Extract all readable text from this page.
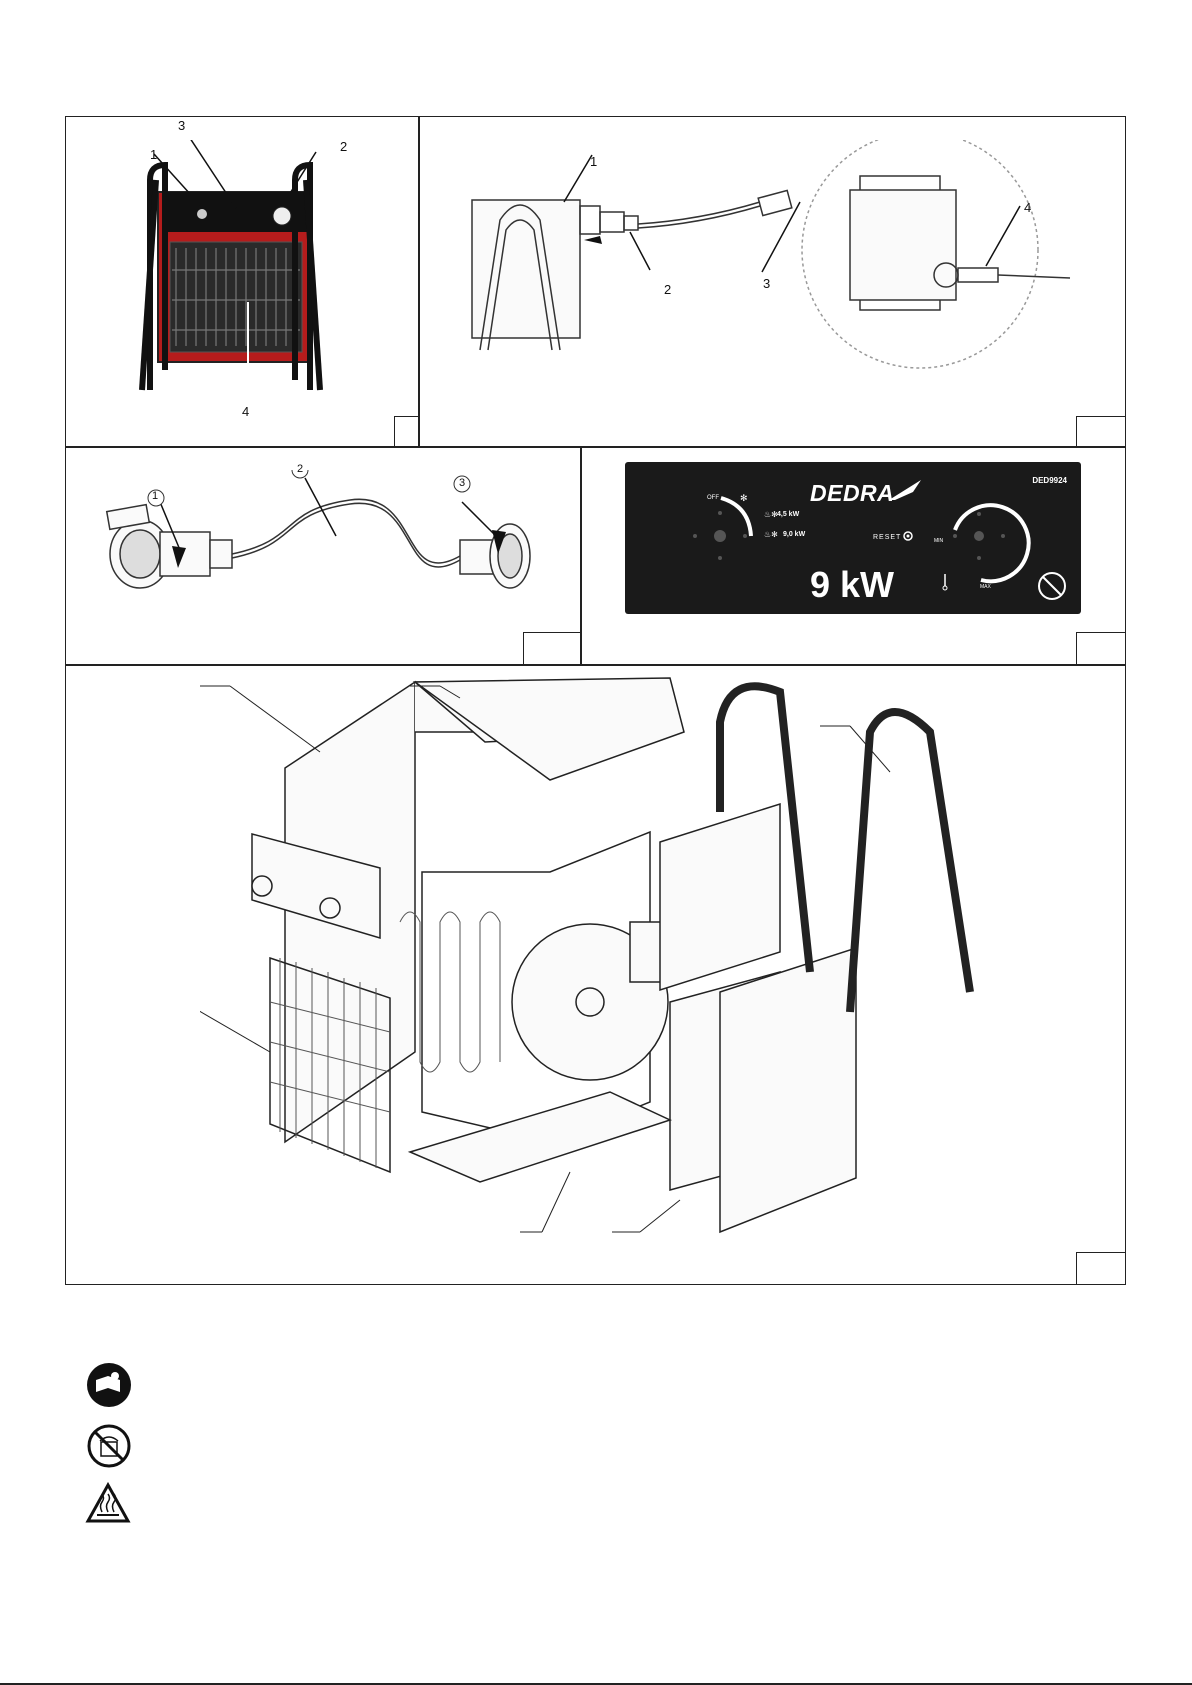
1
2
3
4
1
2	3
4
1
2
3	DEDRA	DED9924
OFF
4,5 kW
9,0 kW	RESET
9 kW
MIN
MAX
✻
♨✻
♨✻
